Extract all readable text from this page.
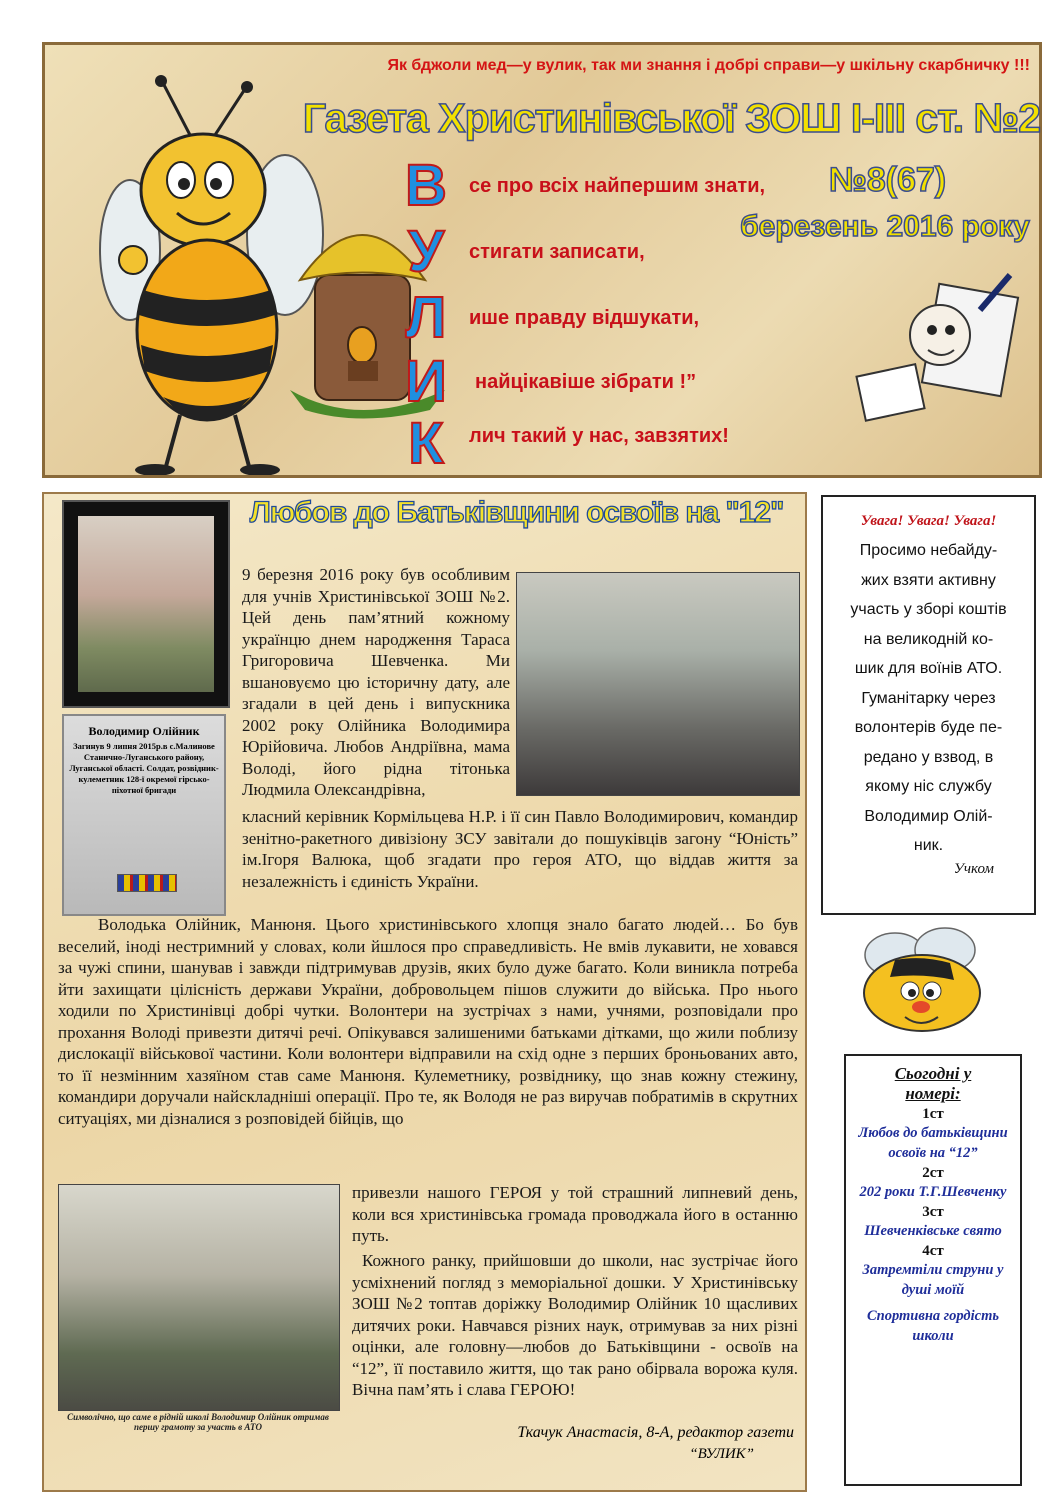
Як бджоли мед—у вулик, так ми знання і добрі справи—у шкільну скарбничку !!!
Газета Христинівської ЗОШ І-ІІІ ст. №2
В	се про всіх найпершим знати,
У	стигати записати,
Л	ише правду відшукати,
И	найцікавіше зібрати !”
К	лич такий у нас, завзятих!
№8(67)
березень 2016 року
Володимир Олійник
Загинув 9 липня 2015р.в с.Малинове Станично-Луганського району, Луганської області. Солдат, розвідник-кулеметник 128-ї окремої гірсько-піхотної бригади
Любов до Батьківщини освоїв на "12"
9 березня 2016 року був особливим для учнів Христинівської ЗОШ №2. Цей день пам’ятний кожному українцю днем народження Тараса Григоровича Шевченка. Ми вшановуємо цю історичну дату, але згадали в цей день і випускника 2002 року Олійника Володимира Юрійовича. Любов Андріївна, мама Володі, його рідна тітонька Людмила Олександрівна,
класний керівник Кормільцева Н.Р. і її син Павло Володимирович, командир зенітно-ракетного дивізіону ЗСУ завітали до пошуківців загону “Юність” ім.Ігоря Валюка, щоб згадати про героя АТО, що віддав життя за незалежність і єдиність України.
Володька Олійник, Манюня. Цього христинівського хлопця знало багато людей… Бо був веселий, іноді нестримний у словах, коли йшлося про справедливість. Не вмів лукавити, не ховався за чужі спини, шанував і завжди підтримував друзів, яких було дуже багато. Коли виникла потреба йти захищати цілісність держави України, добровольцем пішов служити до війська. Про нього ходили по Христинівці добрі чутки. Волонтери на зустрічах з нами, учнями, розповідали про прохання Володі привезти дитячі речі. Опікувався залишеними батьками дітками, що жили поблизу дислокації військової частини. Коли волонтери відправили на схід одне з перших броньованих авто, то її незмінним хазяїном став саме Манюня. Кулеметнику, розвіднику, що знав кожну стежину, командири доручали найскладніші операції. Про те, як Володя не раз виручав побратимів в скрутних ситуаціях, ми дізналися з розповідей бійців, що
Символічно, що саме в рідній школі Володимир Олійник отримав першу грамоту за участь в АТО
привезли нашого ГЕРОЯ у той страшний липневий день, коли вся христинівська громада проводжала його в останню путь.
Кожного ранку, прийшовши до школи, нас зустрічає його усміхнений погляд з меморіальної дошки. У Христинівську ЗОШ №2 топтав доріжку Володимир Олійник 10 щасливих дитячих роки. Навчався різних наук, отримував за них різні оцінки, але головну—любов до Батьківщини - освоїв на “12”, її поставило життя, що так рано обірвала ворожа куля. Вічна пам’ять і слава ГЕРОЮ!
Ткачук Анастасія, 8-А, редактор газети
“ВУЛИК”
Увага! Увага! Увага!
Просимо небайду-
жих взяти активну
участь у зборі коштів
на великодній ко-
шик для воїнів АТО.
Гуманітарку через
волонтерів буде пе-
редано у взвод, в
якому ніс службу
Володимир Олій-
ник.
Учком
Сьогодні у
номері:
1ст
Любов до батьківщини освоїв на “12”
2ст
202 роки Т.Г.Шевченку
3ст
Шевченківське свято
4ст
Затремтіли струни у душі моїй
Спортивна гордість школи
